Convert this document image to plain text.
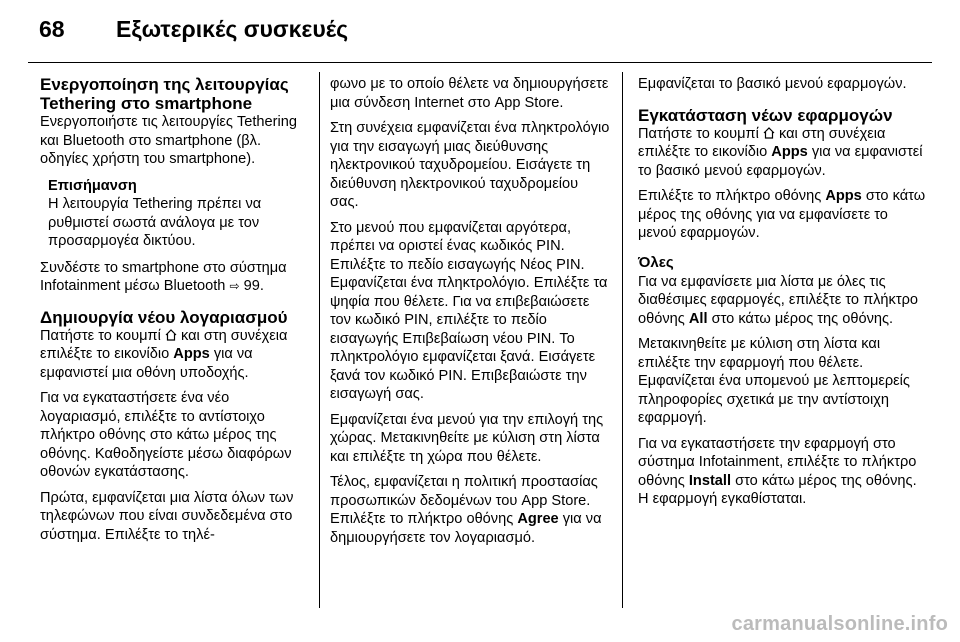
68 Εξωτερικές συσκευές
Ενεργοποίηση της λειτουργίας Tethering στο smartphone

Ενεργοποιήστε τις λειτουργίες Tethering και Bluetooth στο smartphone (βλ. οδηγίες χρήστη του smartphone).

Επισήμανση

Η λειτουργία Tethering πρέπει να ρυθμιστεί σωστά ανάλογα με τον προσαρμογέα δικτύου.

Συνδέστε το smartphone στο σύστημα Infotainment μέσω Bluetooth ⇨ 99.

Δημιουργία νέου λογαριασμού

Πατήστε το κουμπί και στη συνέχεια επιλέξτε το εικονίδιο Apps για να εμφανιστεί μια οθόνη υποδοχής.

Για να εγκαταστήσετε ένα νέο λογαριασμό, επιλέξτε το αντίστοιχο πλήκτρο οθόνης στο κάτω μέρος της οθόνης. Καθοδηγείστε μέσω διαφόρων οθονών εγκατάστασης.

Πρώτα, εμφανίζεται μια λίστα όλων των τηλεφώνων που είναι συνδεδεμένα στο σύστημα. Επιλέξτε το τηλέ-

φωνο με το οποίο θέλετε να δημιουργήσετε μια σύνδεση Internet στο App Store.

Στη συνέχεια εμφανίζεται ένα πληκτρολόγιο για την εισαγωγή μιας διεύθυνσης ηλεκτρονικού ταχυδρομείου. Εισάγετε τη διεύθυνση ηλεκτρονικού ταχυδρομείου σας.

Στο μενού που εμφανίζεται αργότερα, πρέπει να οριστεί ένας κωδικός PIN. Επιλέξτε το πεδίο εισαγωγής Νέος PIN. Εμφανίζεται ένα πληκτρολόγιο. Επιλέξτε τα ψηφία που θέλετε. Για να επιβεβαιώσετε τον κωδικό PIN, επιλέξτε το πεδίο εισαγωγής Επιβεβαίωση νέου PIN. Το πληκτρολόγιο εμφανίζεται ξανά. Εισάγετε ξανά τον κωδικό PIN. Επιβεβαιώστε την εισαγωγή σας.

Εμφανίζεται ένα μενού για την επιλογή της χώρας. Μετακινηθείτε με κύλιση στη λίστα και επιλέξτε τη χώρα που θέλετε.

Τέλος, εμφανίζεται η πολιτική προστασίας προσωπικών δεδομένων του App Store. Επιλέξτε το πλήκτρο οθόνης Agree για να δημιουργήσετε τον λογαριασμό.

Εμφανίζεται το βασικό μενού εφαρμογών.

Εγκατάσταση νέων εφαρμογών

Πατήστε το κουμπί και στη συνέχεια επιλέξτε το εικονίδιο Apps για να εμφανιστεί το βασικό μενού εφαρμογών.

Επιλέξτε το πλήκτρο οθόνης Apps στο κάτω μέρος της οθόνης για να εμφανίσετε το μενού εφαρμογών.

Όλες

Για να εμφανίσετε μια λίστα με όλες τις διαθέσιμες εφαρμογές, επιλέξτε το πλήκτρο οθόνης All στο κάτω μέρος της οθόνης.

Μετακινηθείτε με κύλιση στη λίστα και επιλέξτε την εφαρμογή που θέλετε. Εμφανίζεται ένα υπομενού με λεπτομερείς πληροφορίες σχετικά με την αντίστοιχη εφαρμογή.

Για να εγκαταστήσετε την εφαρμογή στο σύστημα Infotainment, επιλέξτε το πλήκτρο οθόνης Install στο κάτω μέρος της οθόνης. Η εφαρμογή εγκαθίσταται.

carmanualsonline.info
